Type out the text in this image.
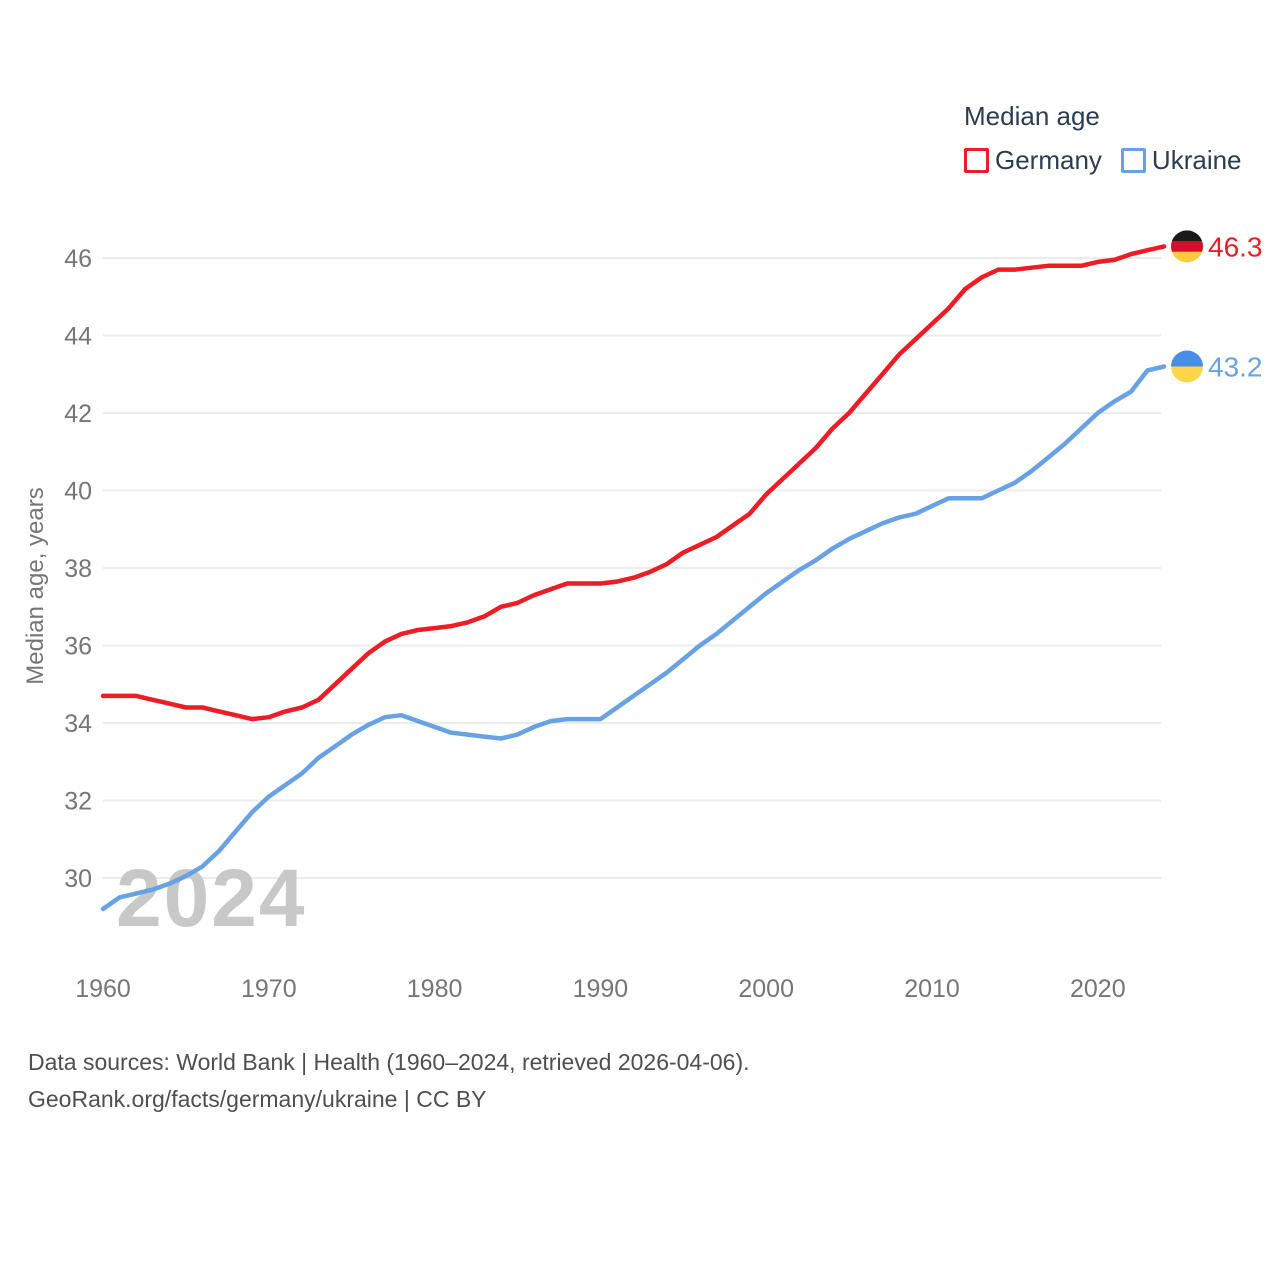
Median age
Germany Ukraine
30
32
34
36
38
40
42
44
46
1960	1970	1980	1990	2000	2010	2020
Median age, years
2024
46.3
43.2
Data sources: World Bank | Health (1960–2024, retrieved 2026-04-06).
GeoRank.org/facts/germany/ukraine | CC BY
